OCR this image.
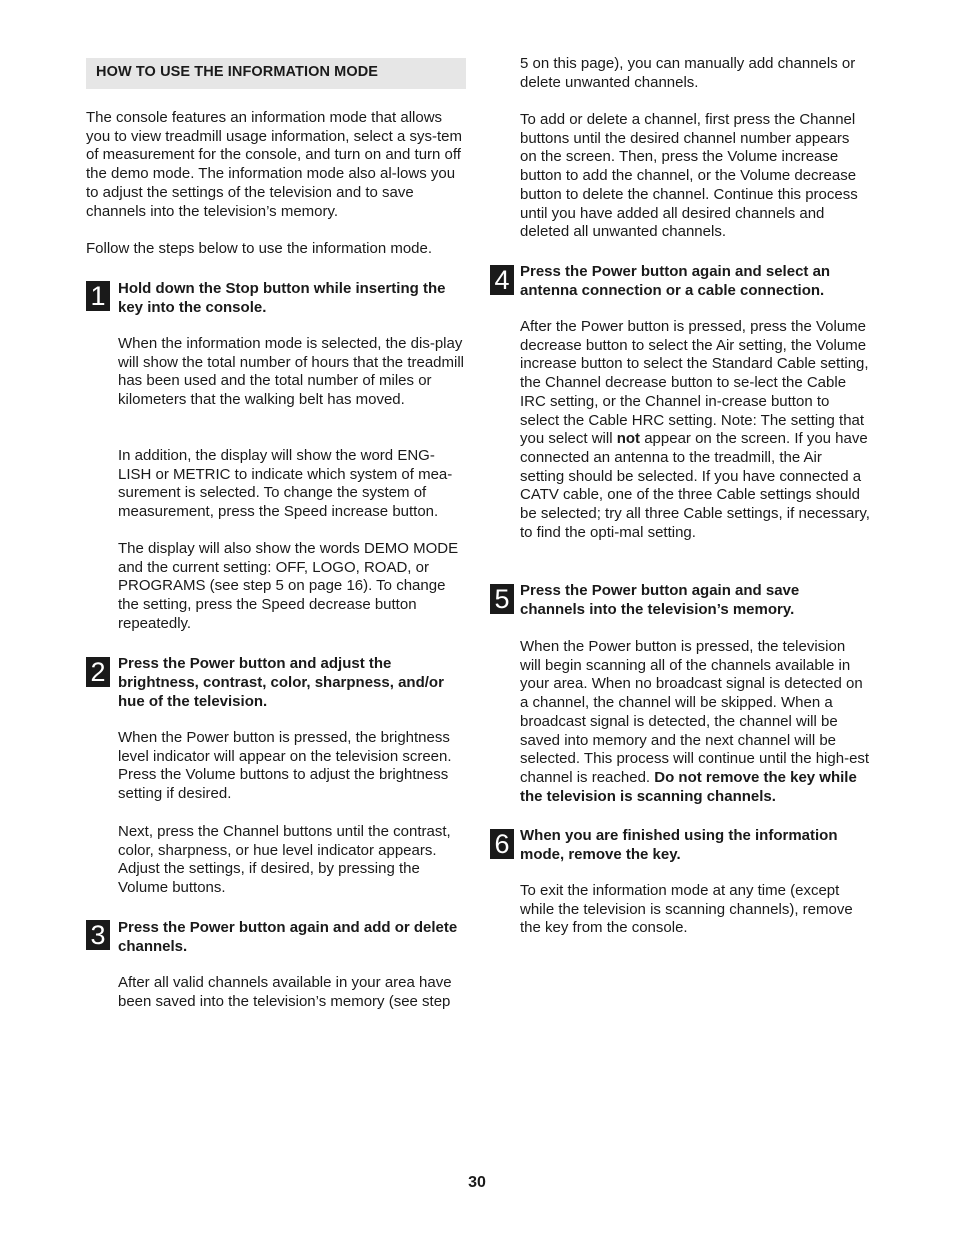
HOW TO USE THE INFORMATION MODE

The console features an information mode that allows you to view treadmill usage information, select a sys-tem of measurement for the console, and turn on and turn off the demo mode. The information mode also al-lows you to adjust the settings of the television and to save channels into the television’s memory.

Follow the steps below to use the information mode.

1 Hold down the Stop button while inserting the key into the console.

When the information mode is selected, the dis-play will show the total number of hours that the treadmill has been used and the total number of miles or kilometers that the walking belt has moved.

In addition, the display will show the word ENG-LISH or METRIC to indicate which system of mea-surement is selected. To change the system of measurement, press the Speed increase button.

The display will also show the words DEMO MODE and the current setting: OFF, LOGO, ROAD, or PROGRAMS (see step 5 on page 16). To change the setting, press the Speed decrease button repeatedly.

2 Press the Power button and adjust the brightness, contrast, color, sharpness, and/or hue of the television.

When the Power button is pressed, the brightness level indicator will appear on the television screen. Press the Volume buttons to adjust the brightness setting if desired.

Next, press the Channel buttons until the contrast, color, sharpness, or hue level indicator appears. Adjust the settings, if desired, by pressing the Volume buttons.

3 Press the Power button again and add or delete channels.

After all valid channels available in your area have been saved into the television’s memory (see step

5 on this page), you can manually add channels or delete unwanted channels.

To add or delete a channel, first press the Channel buttons until the desired channel number appears on the screen. Then, press the Volume increase button to add the channel, or the Volume decrease button to delete the channel. Continue this process until you have added all desired channels and deleted all unwanted channels.

4 Press the Power button again and select an antenna connection or a cable connection.

After the Power button is pressed, press the Volume decrease button to select the Air setting, the Volume increase button to select the Standard Cable setting, the Channel decrease button to se-lect the Cable IRC setting, or the Channel in-crease button to select the Cable HRC setting. Note: The setting that you select will not appear on the screen. If you have connected an antenna to the treadmill, the Air setting should be selected. If you have connected a CATV cable, one of the three Cable settings should be selected; try all three Cable settings, if necessary, to find the opti-mal setting.

5 Press the Power button again and save channels into the television’s memory.

When the Power button is pressed, the television will begin scanning all of the channels available in your area. When no broadcast signal is detected on a channel, the channel will be skipped. When a broadcast signal is detected, the channel will be saved into memory and the next channel will be selected. This process will continue until the high-est channel is reached. Do not remove the key while the television is scanning channels.

6 When you are finished using the information mode, remove the key.

To exit the information mode at any time (except while the television is scanning channels), remove the key from the console.

30
